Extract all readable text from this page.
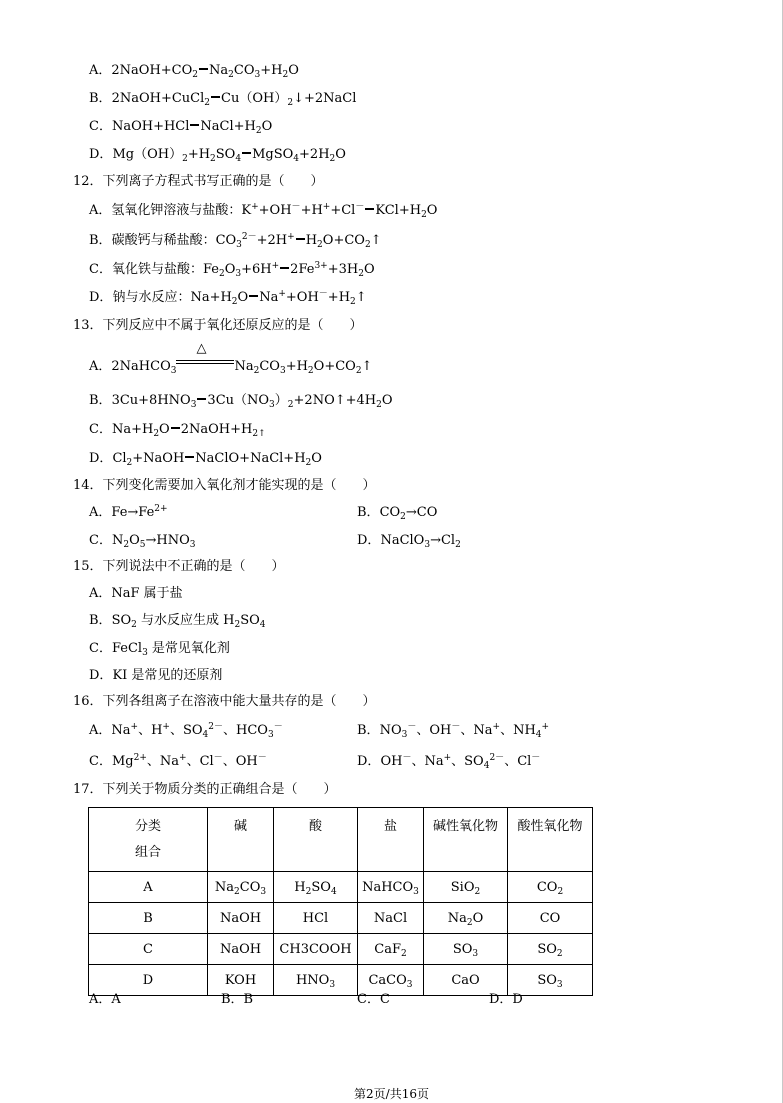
A．$2NaOH+CO_2$ $Na_2CO_3+H_2O$
B．2NaOH+CuCl$_2$ $Cu(OH)_2↓+2NaCl$
C．NaOH+HCl $NaCl+H_2O$
D．$Mg(OH)_2+H_2SO_4$ $MgSO_4+2H_2O$
12．下列离子方程式书写正确的是（　　）
A．氢氧化钾溶液与盐酸：K++OH－+H++Cl－ $KCl+H_2O$
B．碳酸钙与稀盐酸：$CO_3^{2-}+2H^+$ $H_2O+CO_2↑$
C．氧化铁与盐酸：$Fe_2O_3+6H^+$ $2Fe^{3+}+3H_2O$
D．钠与水反应：$Na+H_2O$ $Na^++OH^-+H_2↑$
13．下列反应中不属于氧化还原反应的是（　　）
A．2NaHCO$_3$
△
$Na_2CO_3+H_2O+CO_2↑$
B．$3Cu+8HNO_3$ $3Cu(NO_3)_2+2NO↑+4H_2O$
C．$Na+H_2O$ $2NaOH+H_{2↑}$
D．$Cl_2+NaOH$ $NaClO+NaCl+H_2O$
14．下列变化需要加入氧化剂才能实现的是（　　）
A．$Fe\to Fe^{2+}$	B．$CO_2\to CO$
C．$N_2O_5\to HNO_3$	D．$NaClO_3\to Cl_2$
15．下列说法中不正确的是（　　）
A．NaF 属于盐
B．$SO_2$ 与水反应生成 $H_2SO_4$
C．FeCl$_3$ 是常见氧化剂
D．KI 是常见的还原剂
16．下列各组离子在溶液中能大量共存的是（　　）
A．Na+、H+、$SO_4^{2-}$、$HCO_3^-$	B．$NO_3^-$、OH－、Na+、$NH_4^+$
C．$Mg^{2+}$、Na+、Cl－、OH－	D．OH－、Na+、$SO_4^{2-}$、Cl－
17．下列关于物质分类的正确组合是（　　）
分类
组合	碱	酸	盐	碱性氧化物	酸性氧化物
A	$Na_2CO_3$	$H_2SO_4$	NaHCO$_3$	SiO$_2$	$CO_2$
B	NaOH	HCl	NaCl	$Na_2O$	CO
C	NaOH	CH3COOH	CaF$_2$	$SO_3$	$SO_2$
D	KOH	$HNO_3$	CaCO$_3$	CaO	$SO_3$
A．A	B．B	C．C	D．D
第2页/共16页
